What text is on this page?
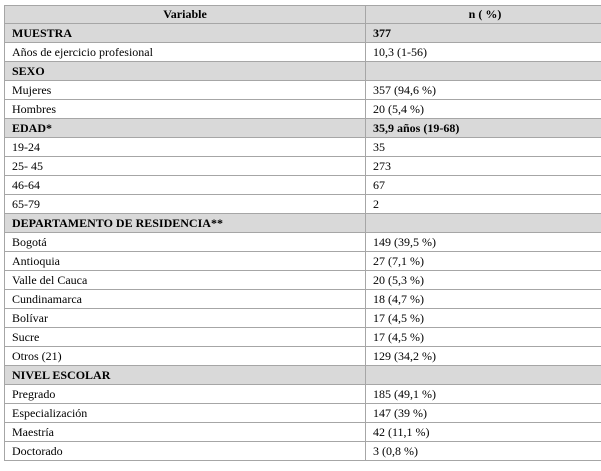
Variable	n ( %)
MUESTRA	377
Años de ejercicio profesional	10,3 (1-56)
SEXO	
Mujeres	357 (94,6 %)
Hombres	20 (5,4 %)
EDAD*	35,9 años (19-68)
19-24	35
25- 45	273
46-64	67
65-79	2
DEPARTAMENTO DE RESIDENCIA**	
Bogotá	149 (39,5 %)
Antioquia	27 (7,1 %)
Valle del Cauca	20 (5,3 %)
Cundinamarca	18 (4,7 %)
Bolívar	17 (4,5 %)
Sucre	17 (4,5 %)
Otros (21)	129 (34,2 %)
NIVEL ESCOLAR	
Pregrado	185 (49,1 %)
Especialización	147 (39 %)
Maestría	42 (11,1 %)
Doctorado	3 (0,8 %)
